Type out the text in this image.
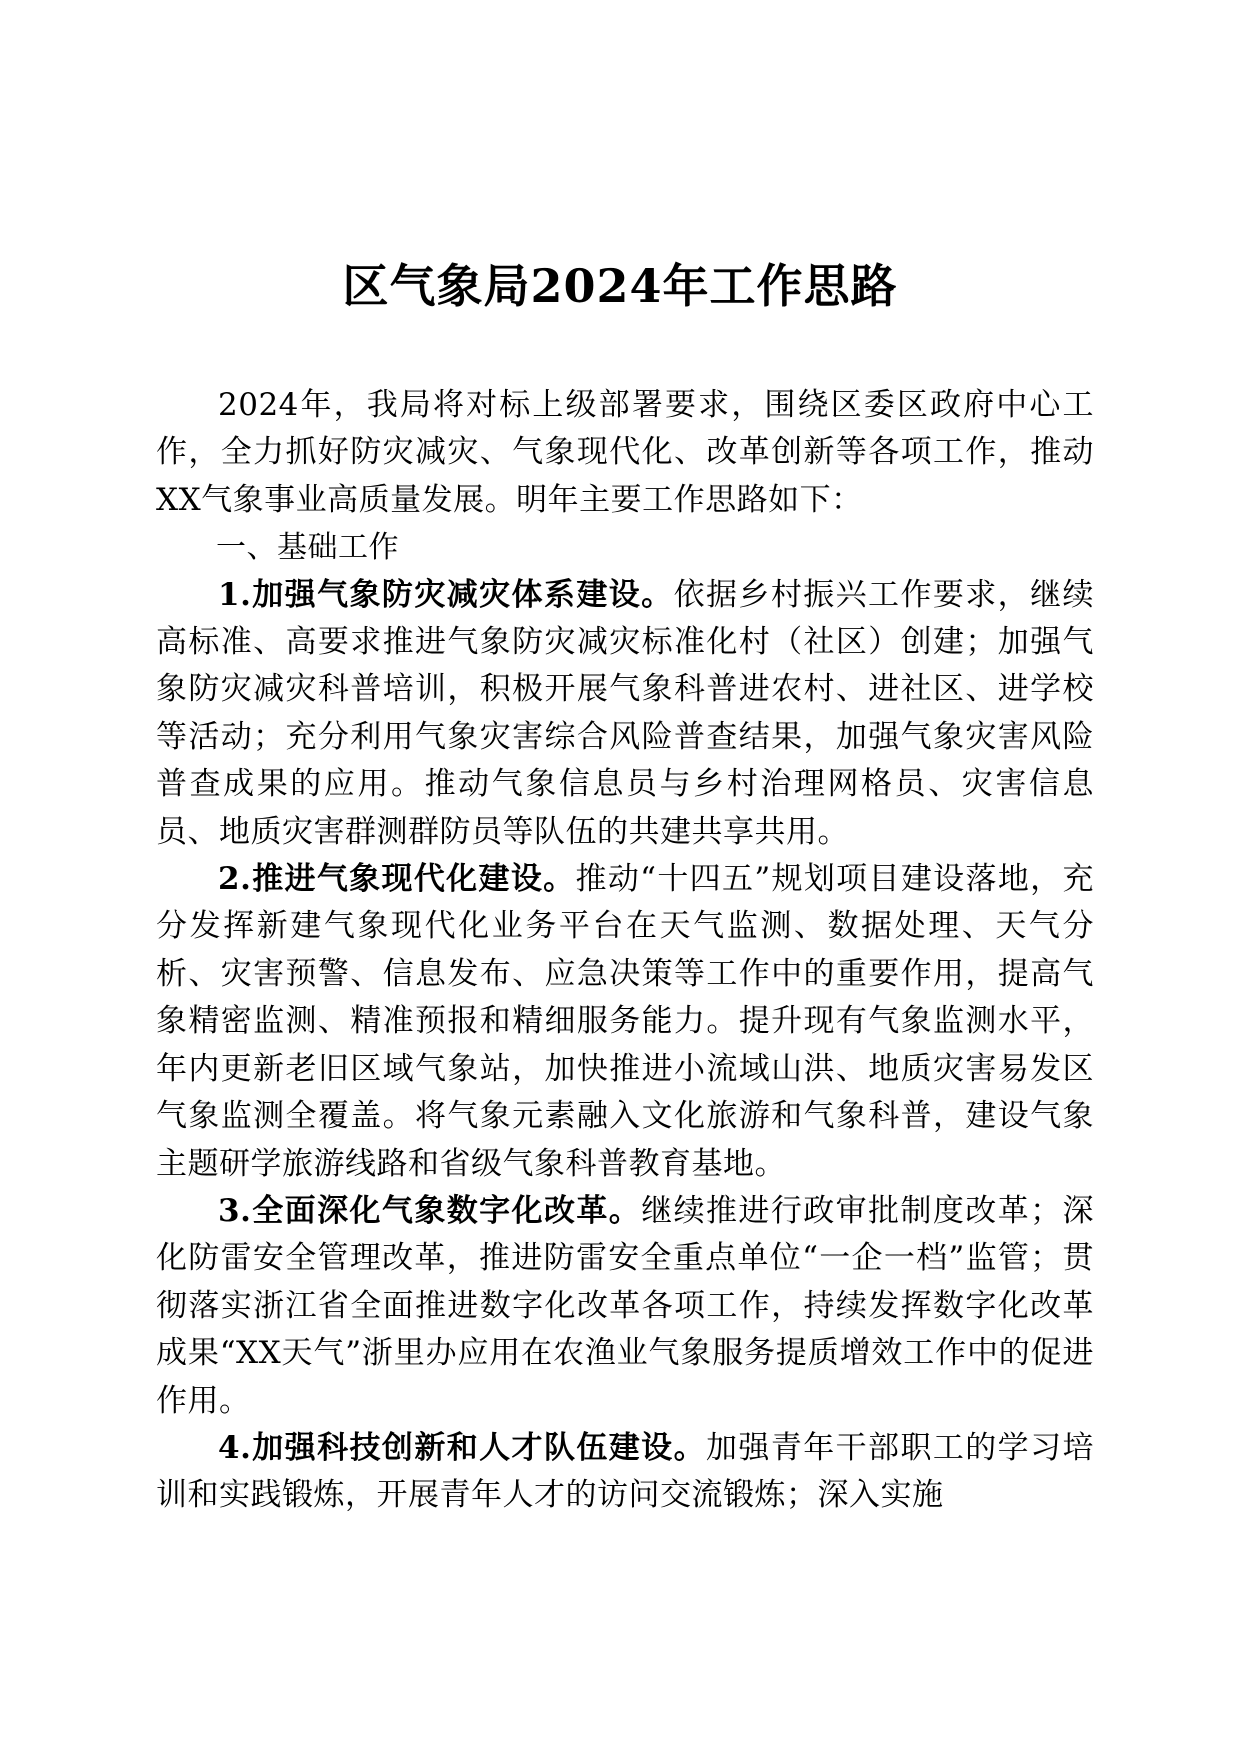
区气象局2024年工作思路

2024年，我局将对标上级部署要求，围绕区委区政府中心工作，全力抓好防灾减灾、气象现代化、改革创新等各项工作，推动XX气象事业高质量发展。明年主要工作思路如下：

一、基础工作

1.加强气象防灾减灾体系建设。依据乡村振兴工作要求，继续高标准、高要求推进气象防灾减灾标准化村（社区）创建；加强气象防灾减灾科普培训，积极开展气象科普进农村、进社区、进学校等活动；充分利用气象灾害综合风险普查结果，加强气象灾害风险普查成果的应用。推动气象信息员与乡村治理网格员、灾害信息员、地质灾害群测群防员等队伍的共建共享共用。

2.推进气象现代化建设。推动“十四五”规划项目建设落地，充分发挥新建气象现代化业务平台在天气监测、数据处理、天气分析、灾害预警、信息发布、应急决策等工作中的重要作用，提高气象精密监测、精准预报和精细服务能力。提升现有气象监测水平，年内更新老旧区域气象站，加快推进小流域山洪、地质灾害易发区气象监测全覆盖。将气象元素融入文化旅游和气象科普，建设气象主题研学旅游线路和省级气象科普教育基地。

3.全面深化气象数字化改革。继续推进行政审批制度改革；深化防雷安全管理改革，推进防雷安全重点单位“一企一档”监管；贯彻落实浙江省全面推进数字化改革各项工作，持续发挥数字化改革成果“XX天气”浙里办应用在农渔业气象服务提质增效工作中的促进作用。

4.加强科技创新和人才队伍建设。加强青年干部职工的学习培训和实践锻炼，开展青年人才的访问交流锻炼；深入实施
